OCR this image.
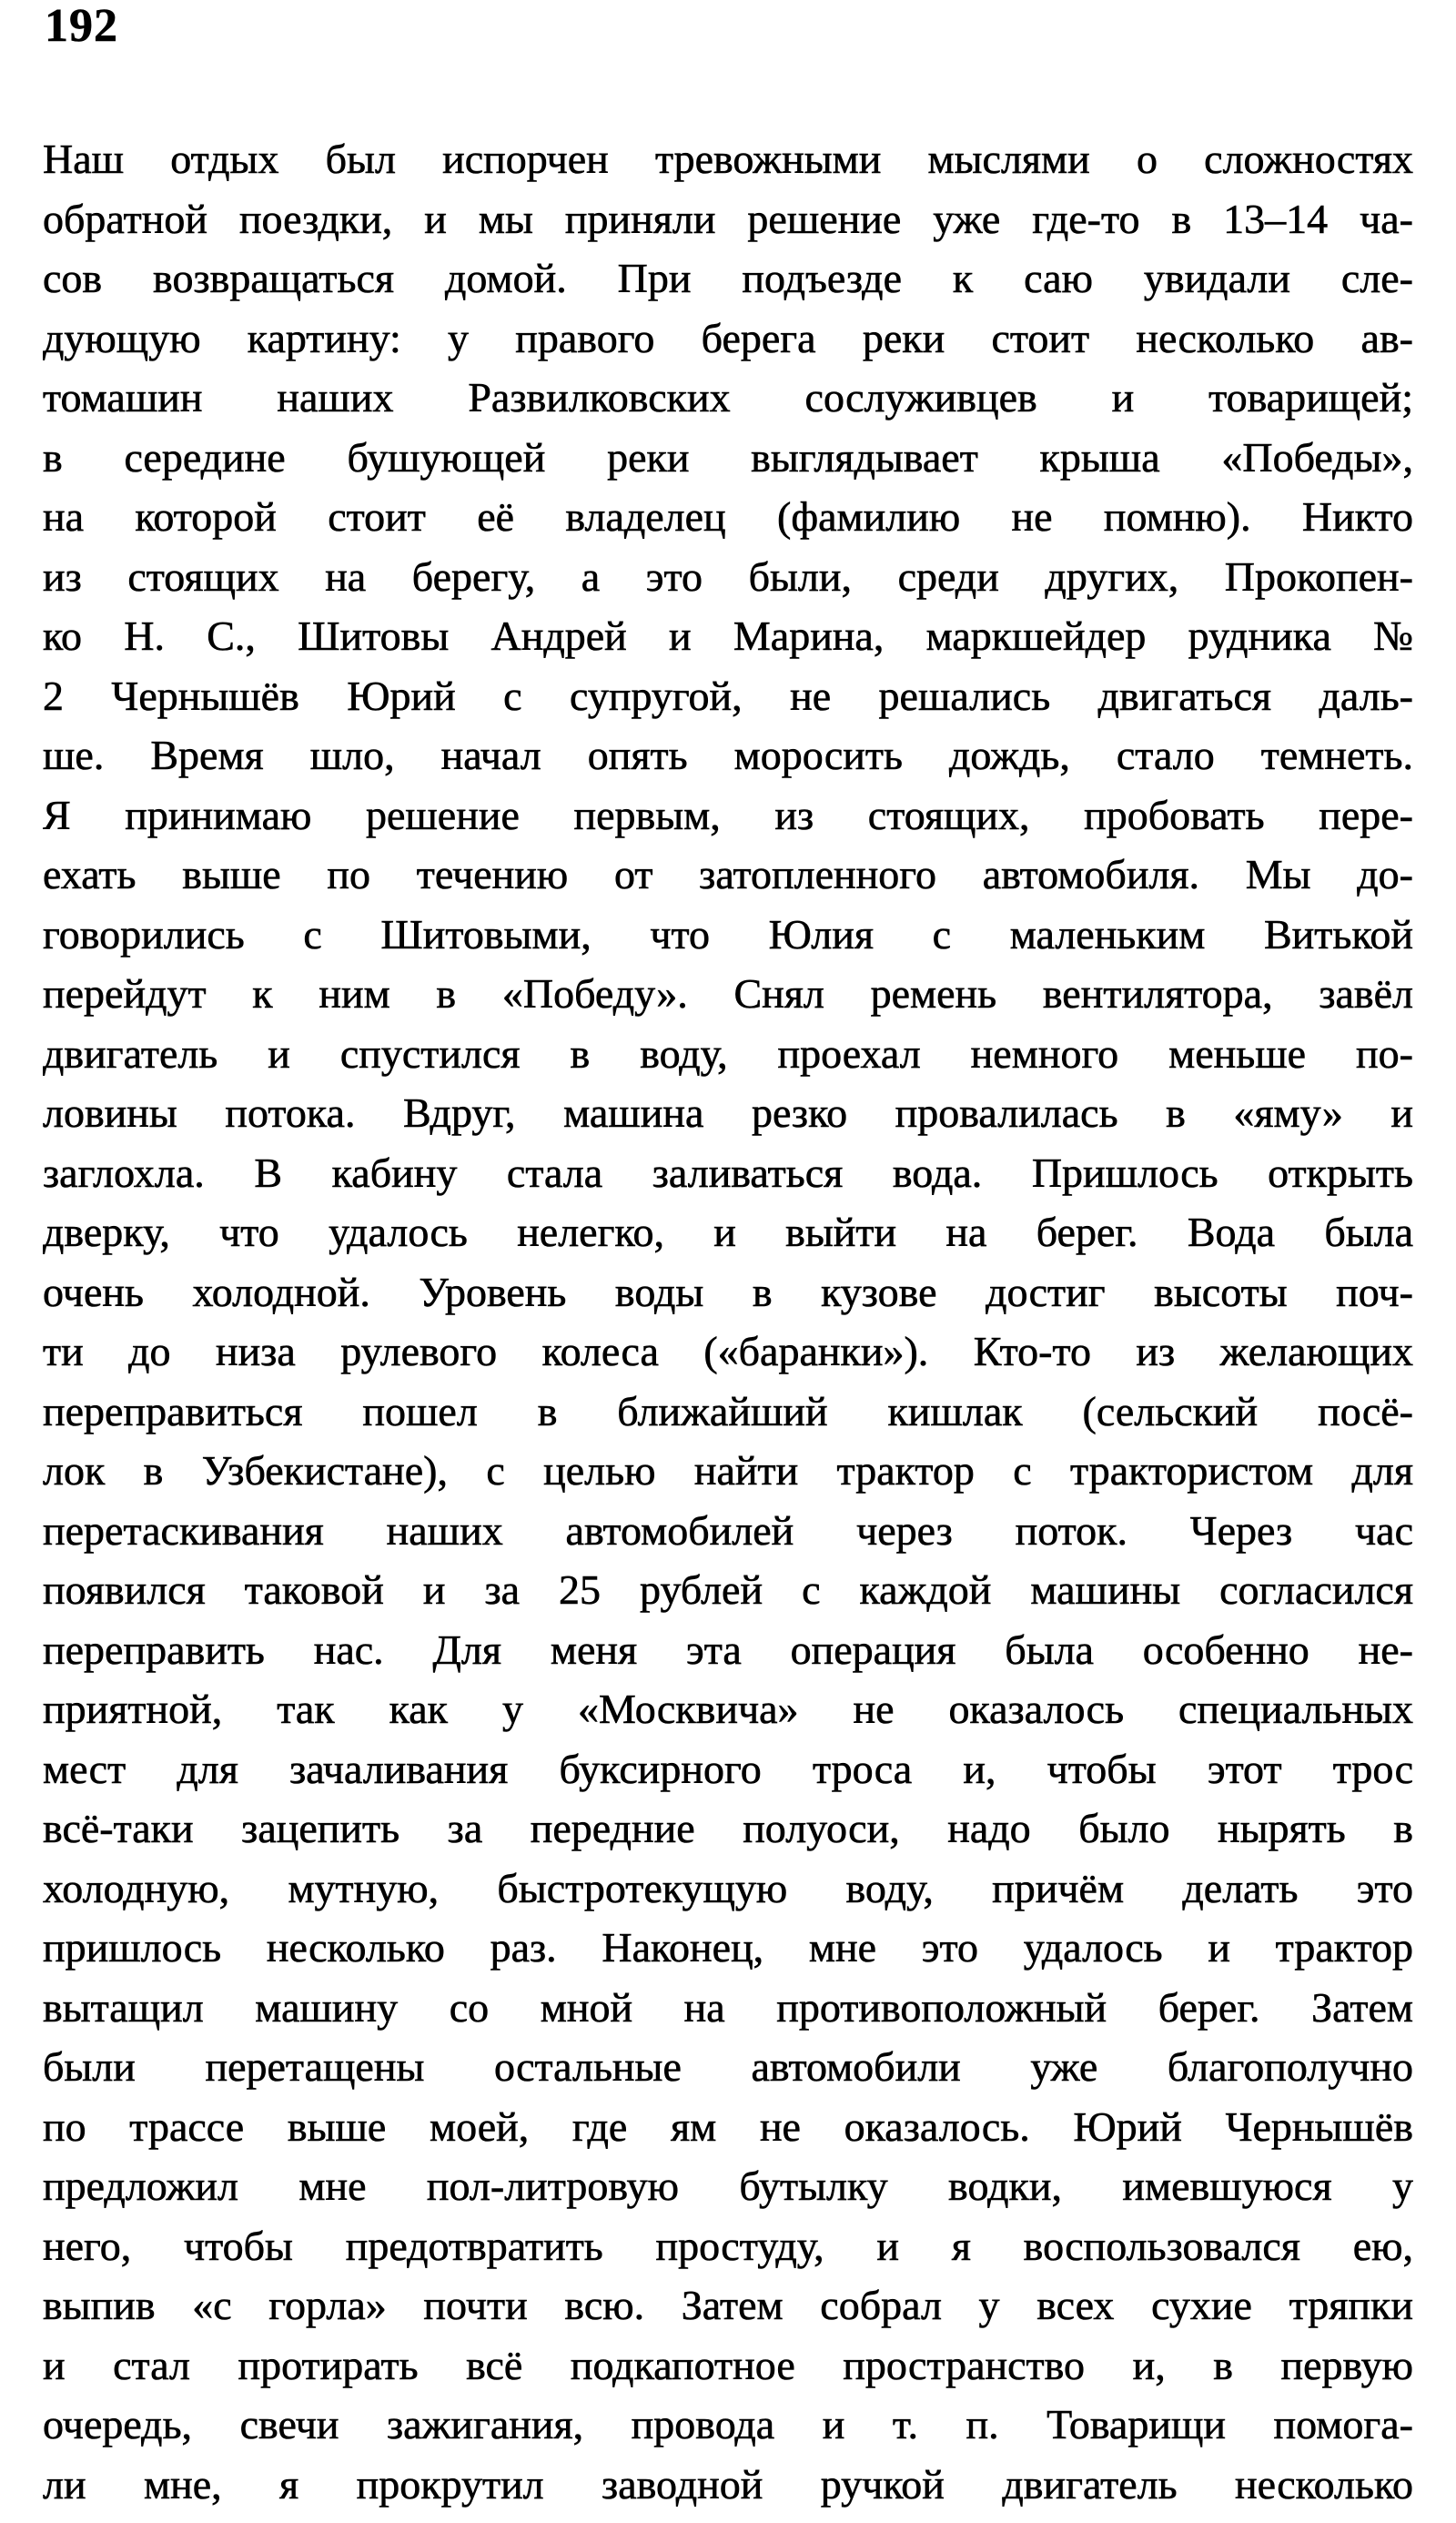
192
Наш отдых был испорчен тревожными мыслями о сложностях
обратной поездки, и мы приняли решение уже где-то в 13–14 ча-
сов возвращаться домой. При подъезде к саю увидали сле-
дующую картину: у правого берега реки стоит несколько ав-
томашин наших Развилковских сослуживцев и товарищей;
в середине бушующей реки выглядывает крыша «Победы»,
на которой стоит её владелец (фамилию не помню). Никто
из стоящих на берегу, а это были, среди других, Прокопен-
ко Н. С., Шитовы Андрей и Марина, маркшейдер рудника №
2 Чернышёв Юрий с супругой, не решались двигаться даль-
ше. Время шло, начал опять моросить дождь, стало темнеть.
Я принимаю решение первым, из стоящих, пробовать пере-
ехать выше по течению от затопленного автомобиля. Мы до-
говорились с Шитовыми, что Юлия с маленьким Витькой
перейдут к ним в «Победу». Снял ремень вентилятора, завёл
двигатель и спустился в воду, проехал немного меньше по-
ловины потока. Вдруг, машина резко провалилась в «яму» и
заглохла. В кабину стала заливаться вода. Пришлось открыть
дверку, что удалось нелегко, и выйти на берег. Вода была
очень холодной. Уровень воды в кузове достиг высоты поч-
ти до низа рулевого колеса («баранки»). Кто-то из желающих
переправиться пошел в ближайший кишлак (сельский посё-
лок в Узбекистане), с целью найти трактор с трактористом для
перетаскивания наших автомобилей через поток. Через час
появился таковой и за 25 рублей с каждой машины согласился
переправить нас. Для меня эта операция была особенно не-
приятной, так как у «Москвича» не оказалось специальных
мест для зачаливания буксирного троса и, чтобы этот трос
всё-таки зацепить за передние полуоси, надо было нырять в
холодную, мутную, быстротекущую воду, причём делать это
пришлось несколько раз. Наконец, мне это удалось и трактор
вытащил машину со мной на противоположный берег. Затем
были перетащены остальные автомобили уже благополучно
по трассе выше моей, где ям не оказалось. Юрий Чернышёв
предложил мне пол-литровую бутылку водки, имевшуюся у
него, чтобы предотвратить простуду, и я воспользовался ею,
выпив «с горла» почти всю. Затем собрал у всех сухие тряпки
и стал протирать всё подкапотное пространство и, в первую
очередь, свечи зажигания, провода и т. п. Товарищи помога-
ли мне, я прокрутил заводной ручкой двигатель несколько
